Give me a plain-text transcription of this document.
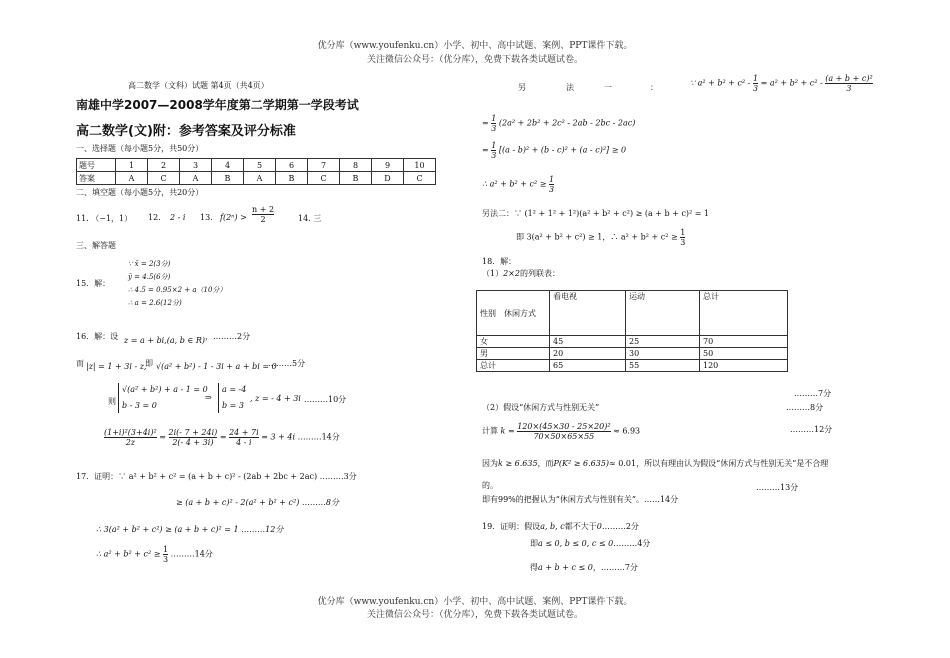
优分库（www.youfenku.cn）小学、初中、高中试题、案例、PPT课件下载。
关注微信公众号：（优分库），免费下载各类试题试卷。
高二数学（文科）试题 第4页（共4页）
南雄中学2007—2008学年度第二学期第一学段考试
高二数学(文)附：参考答案及评分标准
一、选择题（每小题5分，共50分）
题号	1	2	3	4	5	6	7	8	9	10
答案	A	C	A	B	A	B	C	B	D	C
二、填空题（每小题5分，共20分）
11. （−1，1） 12. 2 - i 13. $f(2^n) > \frac{n + 2}{2}$	14. 三
三、解答题
15．解：
∵ x̄ = 2(3分)
ȳ = 4.5(6分)
∴ 4.5 = 0.95×2 + a（10分）
∴ a = 2.6(12分)
16．解：设 z = a + bi,(a, b ∈ R) ，………2分
而 |z| = 1 + 3i - z,
即 √(a² + b²) - 1 - 3i + a + bi = 0
………5分
则
√(a² + b²) + a - 1 = 0
b - 3 = 0
⇒
a = -4
b = 3
, z = - 4 + 3i ………10分
$\frac{\text{(1+i)²(3+4i)²}}{2z} = \frac{2i(- 7 + 24i)}{2(- 4 + 3i)} = \frac{24 + 7i}{4 - i} = 3 + 4i$ ………14分
17．证明：∵ a² + b² + c² = (a + b + c)² - (2ab + 2bc + 2ac) ………3分
≥ (a + b + c)² - 2(a² + b² + c²) ………8分
∴ 3(a² + b² + c²) ≥ (a + b + c)² = 1 ………12分
∴ $a^2 + b^2 + c^2 \ge \frac{1}{3}$ ………14分
另	法	一	：	∵ $a^2 + b^2 + c^2 - \frac{1}{3} = a^2 + b^2 + c^2 - \frac{\text{(a + b + c)²}}{3}$
= $\frac{1}{3} (2a^2 + 2b^2 + 2c^2 - 2ab - 2bc - 2ac)$
= $\frac{1}{3} [(a - b)^2 + (b - c)^2 + (a - c)^2] \ge 0$
∴ $a^2 + b^2 + c^2 \ge \frac{1}{3}$
另法二：∵ (1² + 1² + 1²)(a² + b² + c²) ≥ (a + b + c)² = 1
即 3(a² + b² + c²) ≥ 1，∴ $a^2 + b^2 + c^2 \ge \frac{1}{3}$
18．解：
（1）2×2的列联表：
性别　休闲方式	看电视	运动	总计
女	45	25	70
男	20	30	50
总计	65	55	120
………7分
（2）假设“休闲方式与性别无关”	………8分
计算 $k = \frac{\text{120×(45×30 - 25×20)²}}{70\times 50\times 65\times 55} \approx 6.93$	………12分
因为k ≥ 6.635，而P(K² ≥ 6.635)≈ 0.01，所以有理由认为假设“休闲方式与性别无关”是不合理
的。	………13分
即有99%的把握认为“休闲方式与性别有关”。……14分
19．证明：假设a, b, c都不大于0………2分
即a ≤ 0, b ≤ 0, c ≤ 0………4分
得a + b + c ≤ 0，………7分
优分库（www.youfenku.cn）小学、初中、高中试题、案例、PPT课件下载。
关注微信公众号：（优分库），免费下载各类试题试卷。
